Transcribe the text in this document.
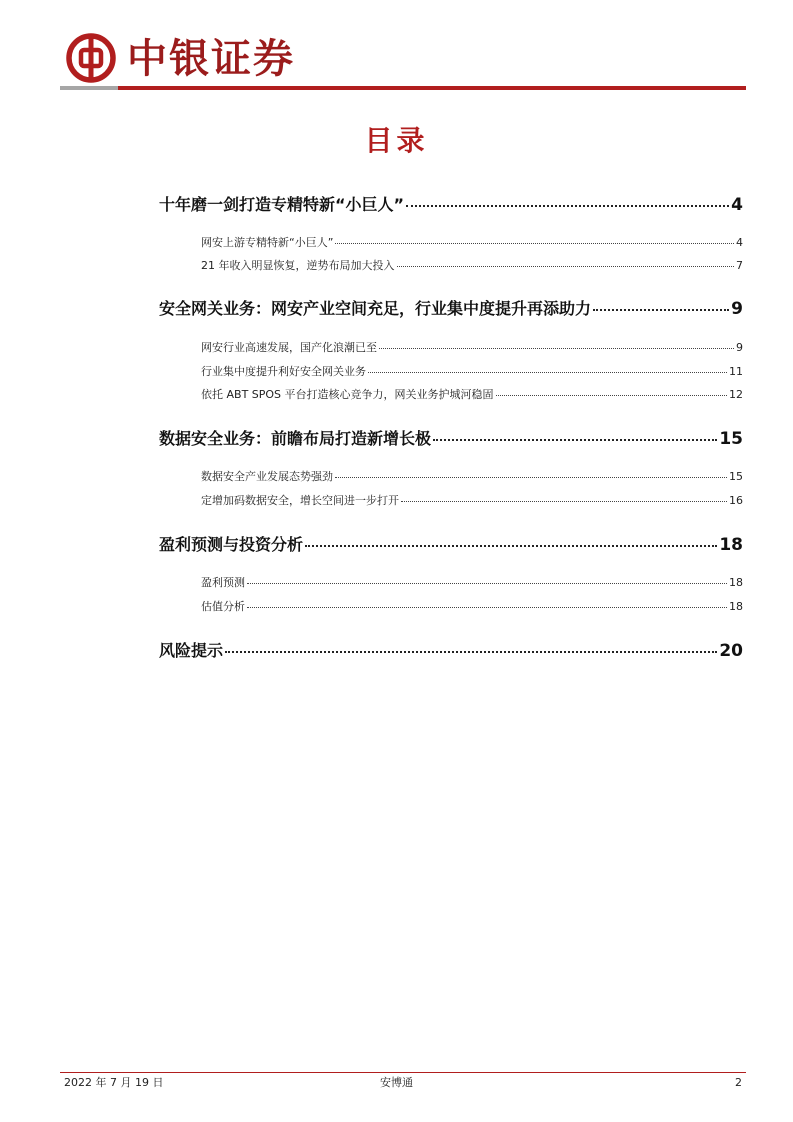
中银证券
目录
十年磨一剑打造专精特新“小巨人”	4
网安上游专精特新“小巨人”	4
21 年收入明显恢复，逆势布局加大投入	7
安全网关业务：网安产业空间充足，行业集中度提升再添助力	9
网安行业高速发展，国产化浪潮已至	9
行业集中度提升利好安全网关业务	11
依托 ABT SPOS 平台打造核心竞争力，网关业务护城河稳固	12
数据安全业务：前瞻布局打造新增长极	15
数据安全产业发展态势强劲	15
定增加码数据安全，增长空间进一步打开	16
盈利预测与投资分析	18
盈利预测	18
估值分析	18
风险提示	20
2022 年 7 月 19 日	安博通	2
